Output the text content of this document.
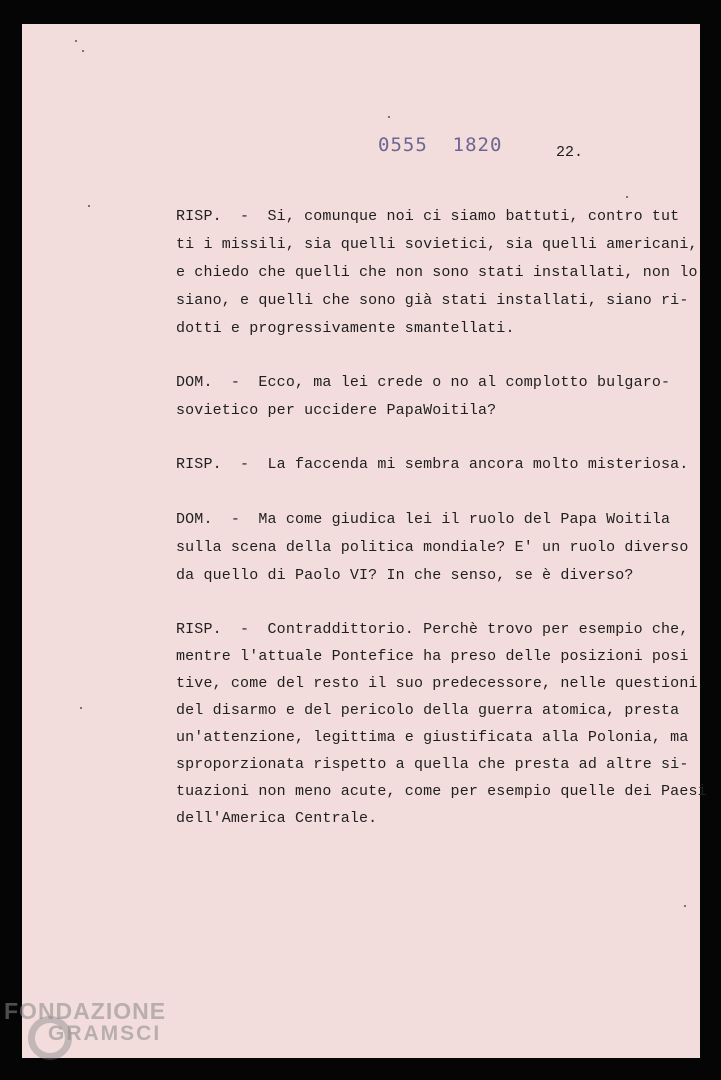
0555  1820	22.
RISP.  -  Si, comunque noi ci siamo battuti, contro tut
ti i missili, sia quelli sovietici, sia quelli americani,
e chiedo che quelli che non sono stati installati, non lo
siano, e quelli che sono già stati installati, siano ri-
dotti e progressivamente smantellati.
DOM.  -  Ecco, ma lei crede o no al complotto bulgaro-
sovietico per uccidere PapaWoitila?
RISP.  -  La faccenda mi sembra ancora molto misteriosa.
DOM.  -  Ma come giudica lei il ruolo del Papa Woitila
sulla scena della politica mondiale? E' un ruolo diverso
da quello di Paolo VI? In che senso, se è diverso?
RISP.  -  Contraddittorio. Perchè trovo per esempio che,
mentre l'attuale Pontefice ha preso delle posizioni posi
tive, come del resto il suo predecessore, nelle questioni
del disarmo e del pericolo della guerra atomica, presta
un'attenzione, legittima e giustificata alla Polonia, ma
sproporzionata rispetto a quella che presta ad altre si-
tuazioni non meno acute, come per esempio quelle dei Paesi
dell'America Centrale.
FONDAZIONE
GRAMSCI
